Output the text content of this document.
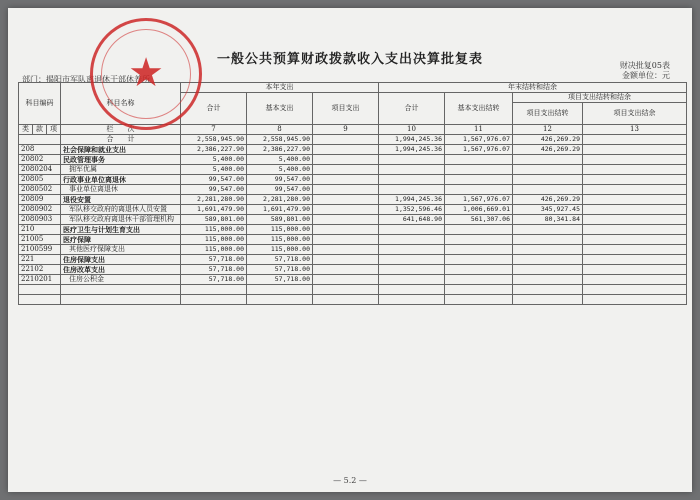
一般公共预算财政拨款收入支出决算批复表	财决批复05表
金额单位：元
部门：揭阳市军队离退休干部休养所
科目编码			科目名称	本年支出			年末结转和结余			
				合计	基本支出	项目支出	合计	基本支出结转	项目支出结转和结余	
									项目支出结转	项目支出结余
类	款	项	栏　　次	7	8	9	10	11	12	13
			合　　计	2,558,945.90	2,558,945.90		1,994,245.36	1,567,976.07	426,269.29	
208			社会保障和就业支出	2,386,227.90	2,386,227.90		1,994,245.36	1,567,976.07	426,269.29	
20802			民政管理事务	5,400.00	5,400.00					
2080204			拥军优属	5,400.00	5,400.00					
20805			行政事业单位离退休	99,547.00	99,547.00					
2080502			事业单位离退休	99,547.00	99,547.00					
20809			退役安置	2,281,280.90	2,281,280.90		1,994,245.36	1,567,976.07	426,269.29	
2080902			军队移交政府的离退休人员安置	1,691,479.90	1,691,479.90		1,352,596.46	1,006,669.01	345,927.45	
2080903			军队移交政府离退休干部管理机构	589,801.00	589,801.00		641,648.90	561,307.06	80,341.84	
210			医疗卫生与计划生育支出	115,000.00	115,000.00					
21005			医疗保障	115,000.00	115,000.00					
2100599			其他医疗保障支出	115,000.00	115,000.00					
221			住房保障支出	57,718.00	57,718.00					
22102			住房改革支出	57,718.00	57,718.00					
2210201			住房公积金	57,718.00	57,718.00					

★
— 5.2 —
